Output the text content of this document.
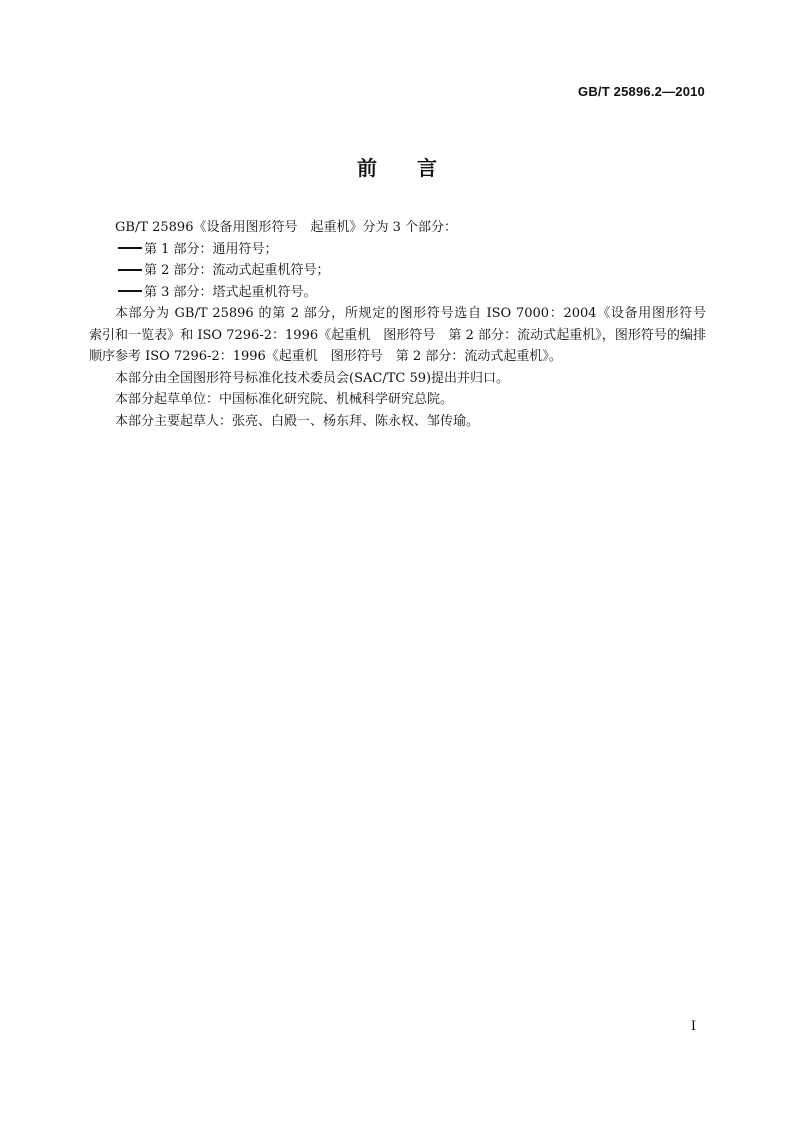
GB/T 25896.2—2010
前言

GB/T 25896《设备用图形符号　起重机》分为 3 个部分：

第 1 部分：通用符号；

第 2 部分：流动式起重机符号；

第 3 部分：塔式起重机符号。

本部分为 GB/T 25896 的第 2 部分，所规定的图形符号选自 ISO 7000：2004《设备用图形符号　索引和一览表》和 ISO 7296-2：1996《起重机　图形符号　第 2 部分：流动式起重机》，图形符号的编排顺序参考 ISO 7296-2：1996《起重机　图形符号　第 2 部分：流动式起重机》。

本部分由全国图形符号标准化技术委员会(SAC/TC 59)提出并归口。

本部分起草单位：中国标准化研究院、机械科学研究总院。

本部分主要起草人：张亮、白殿一、杨东拜、陈永权、邹传瑜。

I
